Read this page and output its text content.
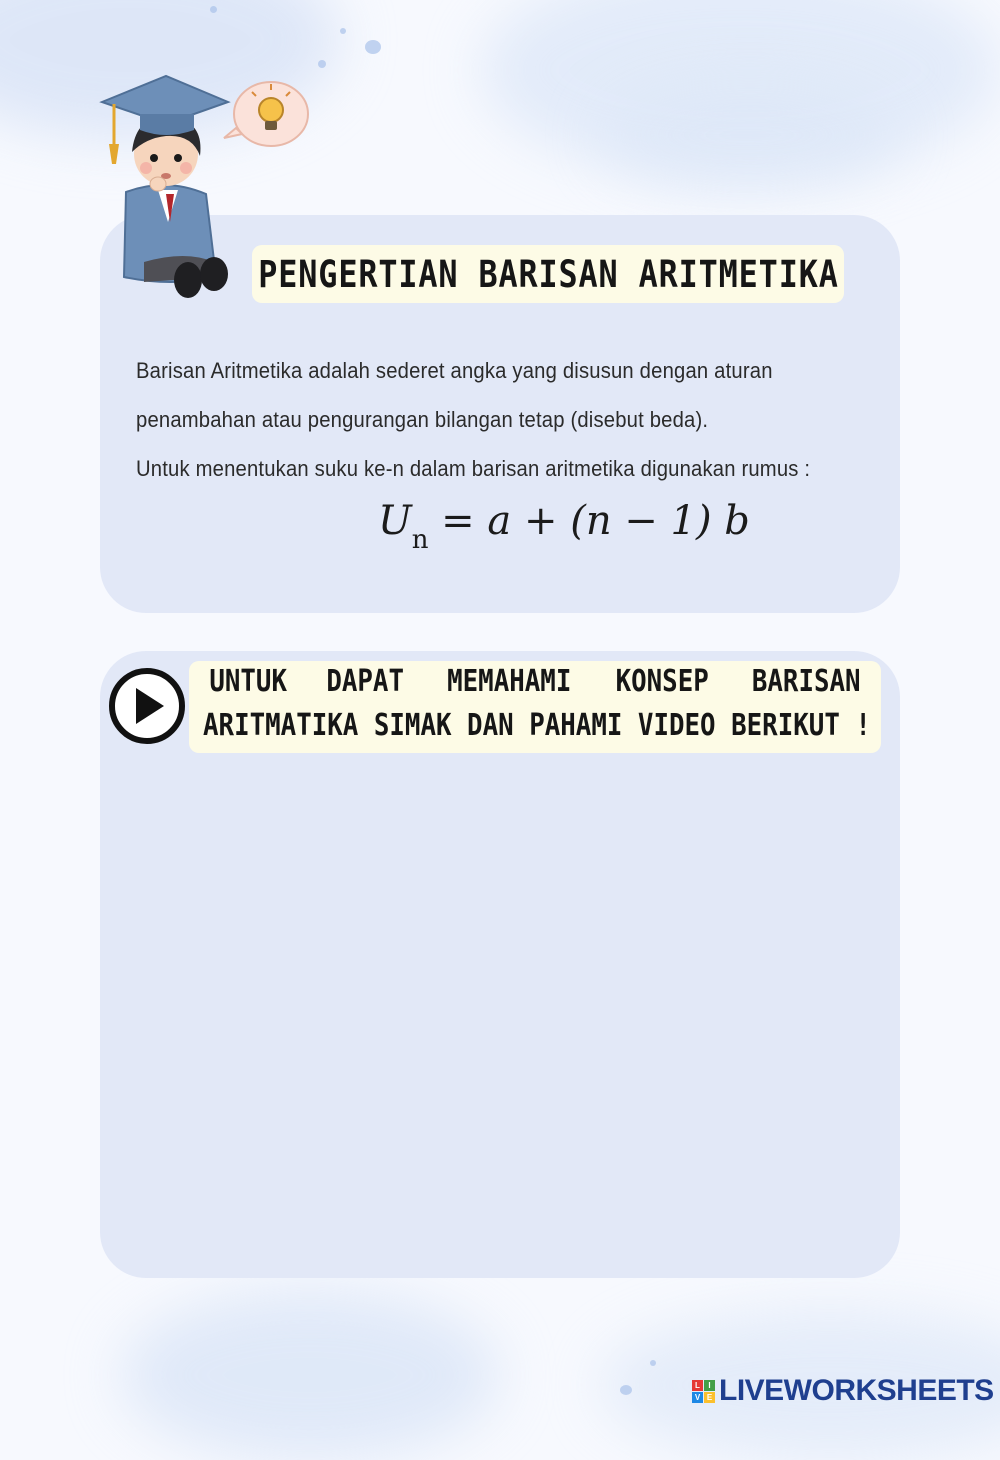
PENGERTIAN BARISAN ARITMETIKA
Barisan Aritmetika adalah sederet angka yang disusun dengan aturan
penambahan atau pengurangan bilangan tetap (disebut beda).
Untuk menentukan suku ke-n dalam barisan aritmetika digunakan rumus :
$U_n = a + (n - 1)$ b
UNTUK DAPAT MEMAHAMI KONSEP BARISAN
ARITMATIKA SIMAK DAN PAHAMI VIDEO BERIKUT !
L	I
V E LIVEWORKSHEETS
